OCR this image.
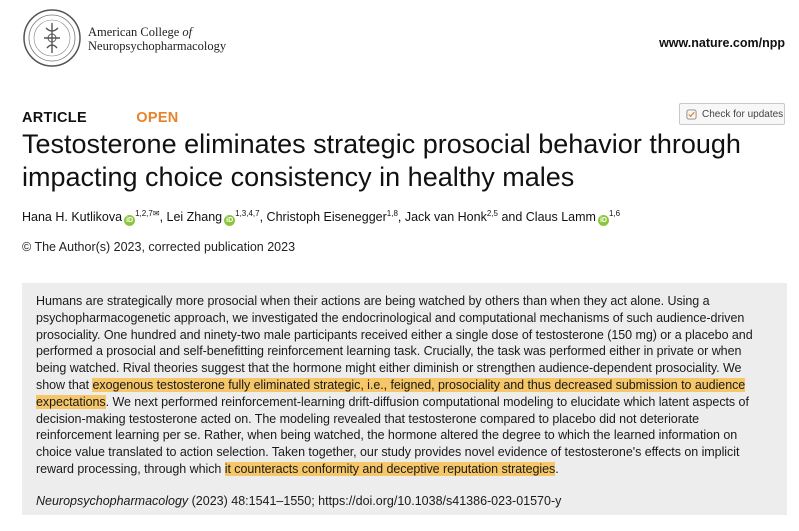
American College of
Neuropsychopharmacology	www.nature.com/npp
ARTICLE	OPEN	Check for updates
Testosterone eliminates strategic prosocial behavior through impacting choice consistency in healthy males
Hana H. Kutlikova $iD^{1,2,7✉}$, Lei Zhang iD$^{1,3,4,7}$, Christoph Eisenegger$^{1,8}$, Jack van Honk$^{2,5}$ and Claus Lamm iD$^{1,6}$
© The Author(s) 2023, corrected publication 2023
Humans are strategically more prosocial when their actions are being watched by others than when they act alone. Using a psychopharmacogenetic approach, we investigated the endocrinological and computational mechanisms of such audience-driven prosociality. One hundred and ninety-two male participants received either a single dose of testosterone (150 mg) or a placebo and performed a prosocial and self-benefitting reinforcement learning task. Crucially, the task was performed either in private or when being watched. Rival theories suggest that the hormone might either diminish or strengthen audience-dependent prosociality. We show that exogenous testosterone fully eliminated strategic, i.e., feigned, prosociality and thus decreased submission to audience expectations. We next performed reinforcement-learning drift-diffusion computational modeling to elucidate which latent aspects of decision-making testosterone acted on. The modeling revealed that testosterone compared to placebo did not deteriorate reinforcement learning per se. Rather, when being watched, the hormone altered the degree to which the learned information on choice value translated to action selection. Taken together, our study provides novel evidence of testosterone's effects on implicit reward processing, through which it counteracts conformity and deceptive reputation strategies.
Neuropsychopharmacology (2023) 48:1541–1550; https://doi.org/10.1038/s41386-023-01570-y
